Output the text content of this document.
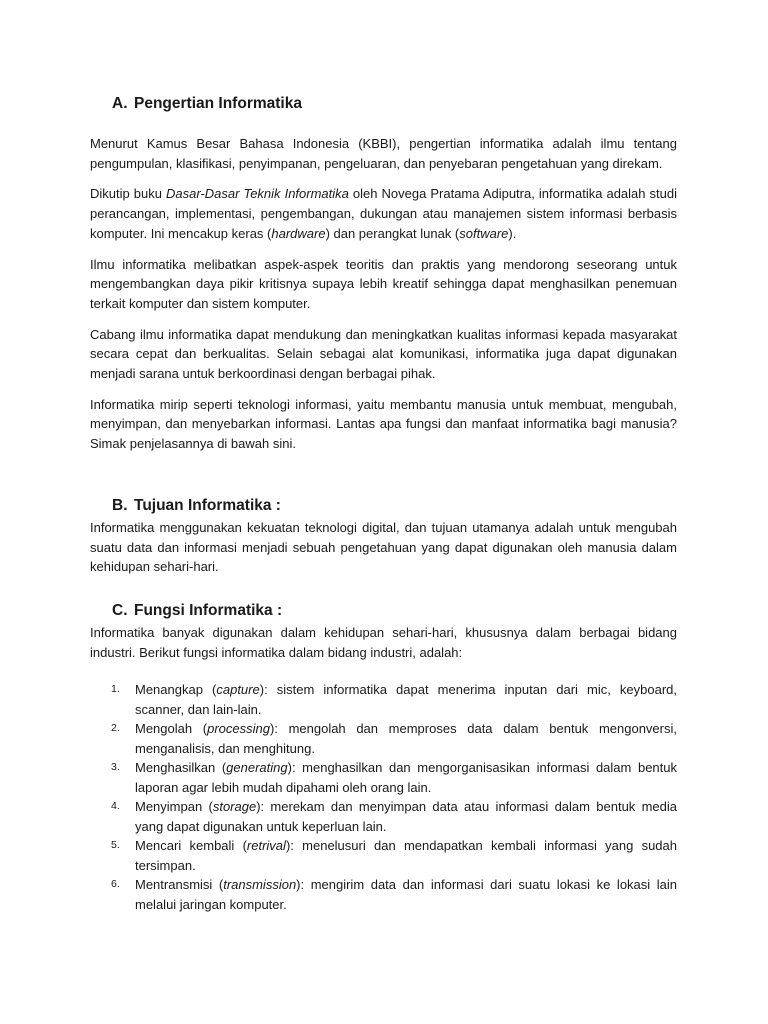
A. Pengertian Informatika

Menurut Kamus Besar Bahasa Indonesia (KBBI), pengertian informatika adalah ilmu tentang pengumpulan, klasifikasi, penyimpanan, pengeluaran, dan penyebaran pengetahuan yang direkam.

Dikutip buku Dasar-Dasar Teknik Informatika oleh Novega Pratama Adiputra, informatika adalah studi perancangan, implementasi, pengembangan, dukungan atau manajemen sistem informasi berbasis komputer. Ini mencakup keras (hardware) dan perangkat lunak (software).

Ilmu informatika melibatkan aspek-aspek teoritis dan praktis yang mendorong seseorang untuk mengembangkan daya pikir kritisnya supaya lebih kreatif sehingga dapat menghasilkan penemuan terkait komputer dan sistem komputer.

Cabang ilmu informatika dapat mendukung dan meningkatkan kualitas informasi kepada masyarakat secara cepat dan berkualitas. Selain sebagai alat komunikasi, informatika juga dapat digunakan menjadi sarana untuk berkoordinasi dengan berbagai pihak.

Informatika mirip seperti teknologi informasi, yaitu membantu manusia untuk membuat, mengubah, menyimpan, dan menyebarkan informasi. Lantas apa fungsi dan manfaat informatika bagi manusia? Simak penjelasannya di bawah sini.

B. Tujuan Informatika :

Informatika menggunakan kekuatan teknologi digital, dan tujuan utamanya adalah untuk mengubah suatu data dan informasi menjadi sebuah pengetahuan yang dapat digunakan oleh manusia dalam kehidupan sehari-hari.

C. Fungsi Informatika :

Informatika banyak digunakan dalam kehidupan sehari-hari, khususnya dalam berbagai bidang industri. Berikut fungsi informatika dalam bidang industri, adalah:

1. Menangkap (capture): sistem informatika dapat menerima inputan dari mic, keyboard, scanner, dan lain-lain.
2. Mengolah (processing): mengolah dan memproses data dalam bentuk mengonversi, menganalisis, dan menghitung.
3. Menghasilkan (generating): menghasilkan dan mengorganisasikan informasi dalam bentuk laporan agar lebih mudah dipahami oleh orang lain.
4. Menyimpan (storage): merekam dan menyimpan data atau informasi dalam bentuk media yang dapat digunakan untuk keperluan lain.
5. Mencari kembali (retrival): menelusuri dan mendapatkan kembali informasi yang sudah tersimpan.
6. Mentransmisi (transmission): mengirim data dan informasi dari suatu lokasi ke lokasi lain melalui jaringan komputer.
